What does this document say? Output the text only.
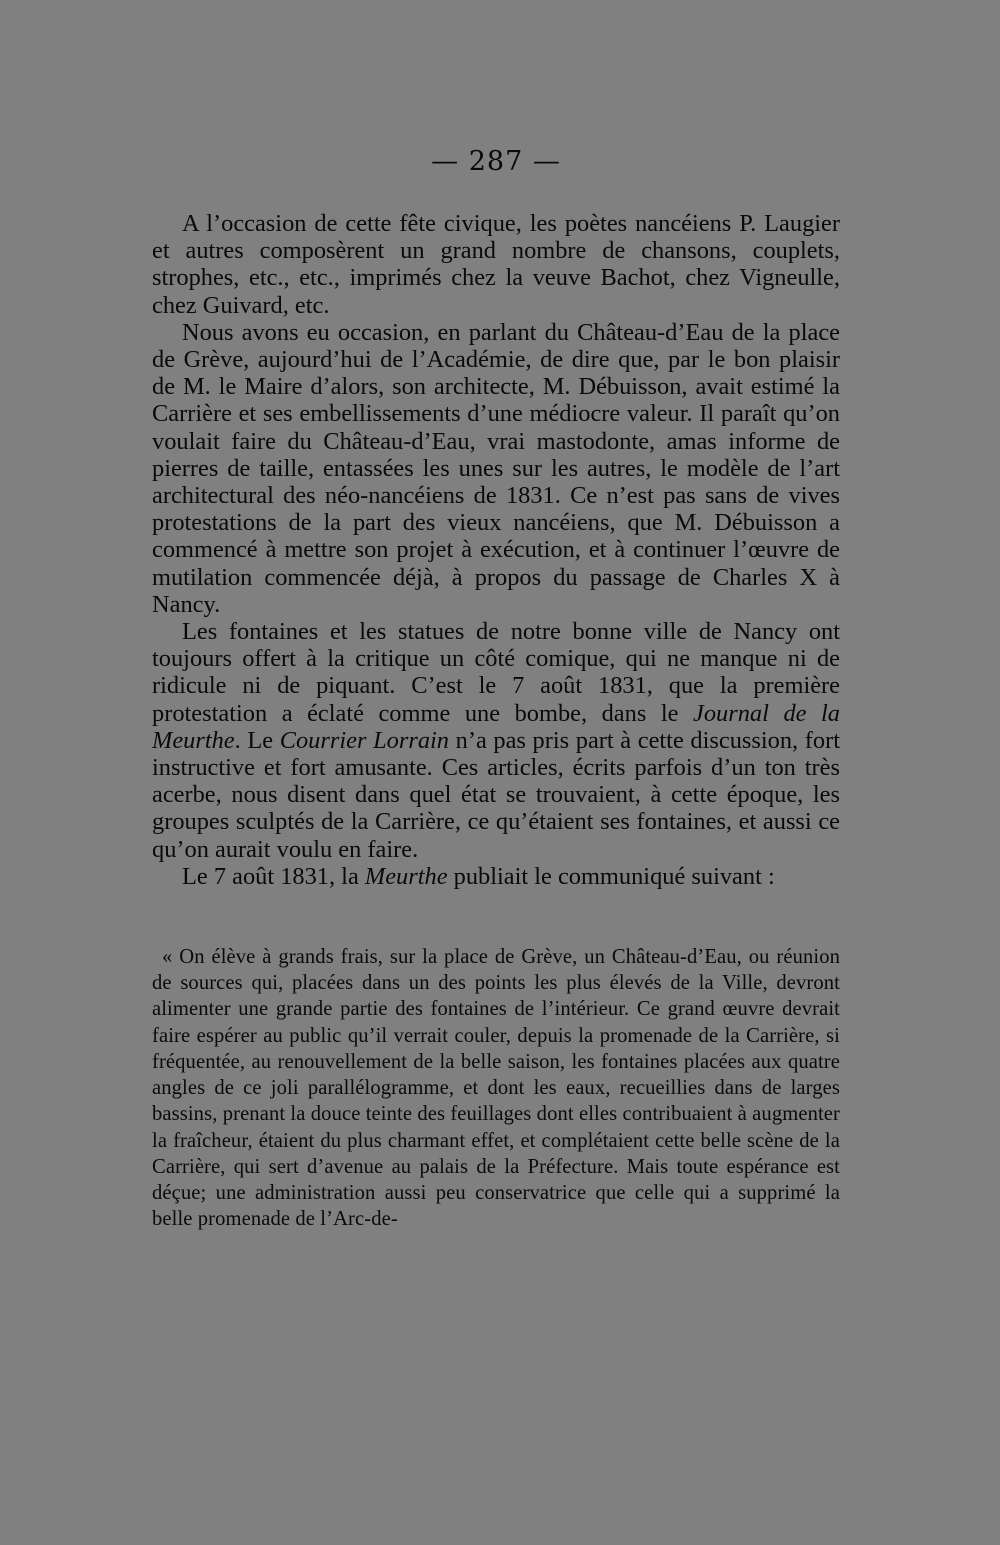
— 287 —

A l’occasion de cette fête civique, les poètes nancéiens P. Laugier et autres composèrent un grand nombre de chansons, couplets, strophes, etc., etc., imprimés chez la veuve Bachot, chez Vigneulle, chez Guivard, etc.

Nous avons eu occasion, en parlant du Château-d’Eau de la place de Grève, aujourd’hui de l’Académie, de dire que, par le bon plaisir de M. le Maire d’alors, son architecte, M. Débuisson, avait estimé la Carrière et ses embellissements d’une médiocre valeur. Il paraît qu’on voulait faire du Château-d’Eau, vrai mastodonte, amas informe de pierres de taille, entassées les unes sur les autres, le modèle de l’art architectural des néo-nancéiens de 1831. Ce n’est pas sans de vives protestations de la part des vieux nancéiens, que M. Débuisson a commencé à mettre son projet à exécution, et à continuer l’œuvre de mutilation commencée déjà, à propos du passage de Charles X à Nancy.

Les fontaines et les statues de notre bonne ville de Nancy ont toujours offert à la critique un côté comique, qui ne manque ni de ridicule ni de piquant. C’est le 7 août 1831, que la première protestation a éclaté comme une bombe, dans le Journal de la Meurthe. Le Courrier Lorrain n’a pas pris part à cette discussion, fort instructive et fort amusante. Ces articles, écrits parfois d’un ton très acerbe, nous disent dans quel état se trouvaient, à cette époque, les groupes sculptés de la Carrière, ce qu’étaient ses fontaines, et aussi ce qu’on aurait voulu en faire.

Le 7 août 1831, la Meurthe publiait le communiqué suivant :

« On élève à grands frais, sur la place de Grève, un Château-d’Eau, ou réunion de sources qui, placées dans un des points les plus élevés de la Ville, devront alimenter une grande partie des fontaines de l’intérieur. Ce grand œuvre devrait faire espérer au public qu’il verrait couler, depuis la promenade de la Carrière, si fréquentée, au renouvellement de la belle saison, les fontaines placées aux quatre angles de ce joli parallélogramme, et dont les eaux, recueillies dans de larges bassins, prenant la douce teinte des feuillages dont elles contribuaient à augmenter la fraîcheur, étaient du plus charmant effet, et complétaient cette belle scène de la Carrière, qui sert d’avenue au palais de la Préfecture. Mais toute espérance est déçue; une administration aussi peu conservatrice que celle qui a supprimé la belle promenade de l’Arc-de-
